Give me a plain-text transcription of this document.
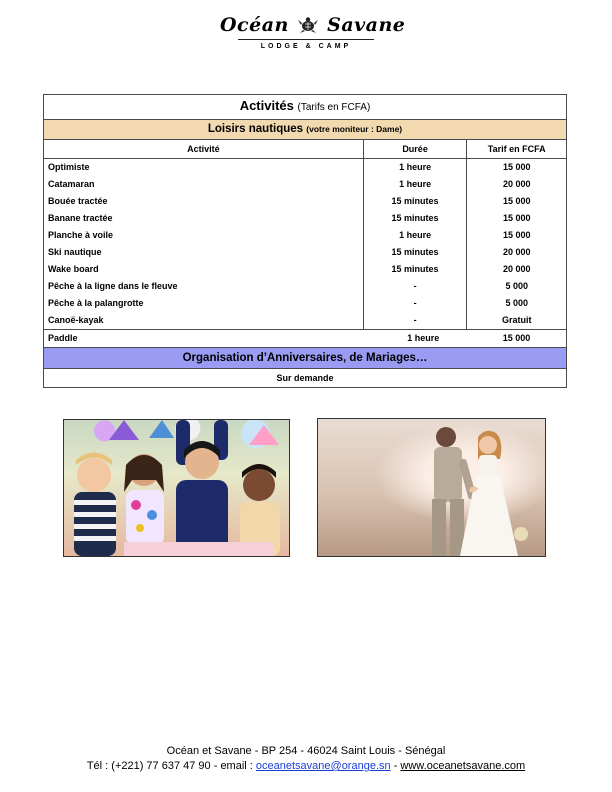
Océan Savane
LODGE & CAMP
Activités (Tarifs en FCFA)		
Loisirs nautiques (votre moniteur : Dame)		
Activité	Durée	Tarif en FCFA
Optimiste	1 heure	15 000
Catamaran	1 heure	20 000
Bouée tractée	15 minutes	15 000
Banane tractée	15 minutes	15 000
Planche à voile	1 heure	15 000
Ski nautique	15 minutes	20 000
Wake board	15 minutes	20 000
Pêche à la ligne dans le fleuve	-	5 000
Pêche à la palangrotte	-	5 000
Canoë-kayak	-	Gratuit
Paddle	1 heure	15 000
Organisation d’Anniversaires, de Mariages…		
Sur demande		
Océan et Savane - BP 254 - 46024 Saint Louis - Sénégal
Tél : (+221) 77 637 47 90 - email : oceanetsavane@orange.sn - www.oceanetsavane.com
